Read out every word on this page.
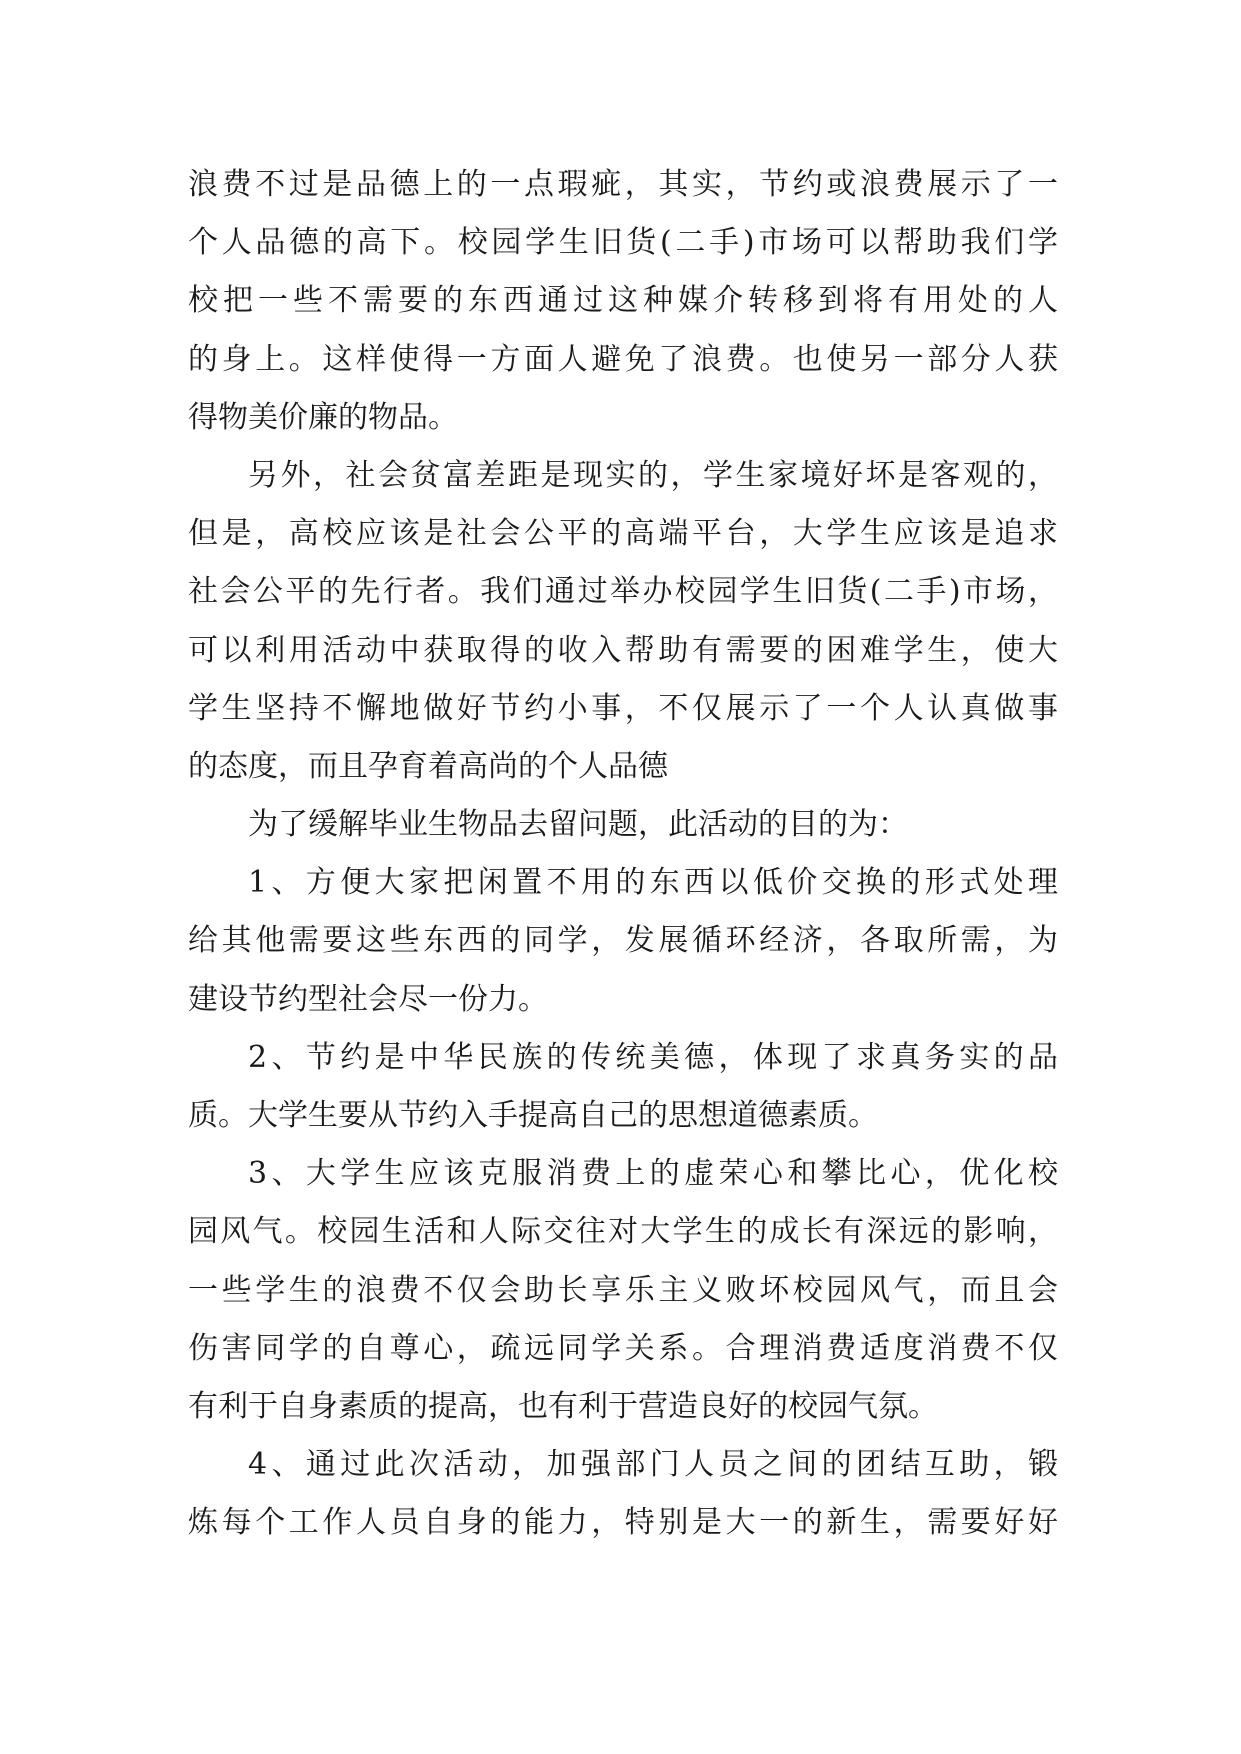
浪费不过是品德上的一点瑕疵，其实，节约或浪费展示了一
个人品德的高下。校园学生旧货(二手)市场可以帮助我们学
校把一些不需要的东西通过这种媒介转移到将有用处的人
的身上。这样使得一方面人避免了浪费。也使另一部分人获
得物美价廉的物品。
另外，社会贫富差距是现实的，学生家境好坏是客观的，
但是，高校应该是社会公平的高端平台，大学生应该是追求
社会公平的先行者。我们通过举办校园学生旧货(二手)市场，
可以利用活动中获取得的收入帮助有需要的困难学生，使大
学生坚持不懈地做好节约小事，不仅展示了一个人认真做事
的态度，而且孕育着高尚的个人品德
为了缓解毕业生物品去留问题，此活动的目的为：
1、方便大家把闲置不用的东西以低价交换的形式处理
给其他需要这些东西的同学，发展循环经济，各取所需，为
建设节约型社会尽一份力。
2、节约是中华民族的传统美德，体现了求真务实的品
质。大学生要从节约入手提高自己的思想道德素质。
3、大学生应该克服消费上的虚荣心和攀比心，优化校
园风气。校园生活和人际交往对大学生的成长有深远的影响，
一些学生的浪费不仅会助长享乐主义败坏校园风气，而且会
伤害同学的自尊心，疏远同学关系。合理消费适度消费不仅
有利于自身素质的提高，也有利于营造良好的校园气氛。
4、通过此次活动，加强部门人员之间的团结互助，锻
炼每个工作人员自身的能力，特别是大一的新生，需要好好
